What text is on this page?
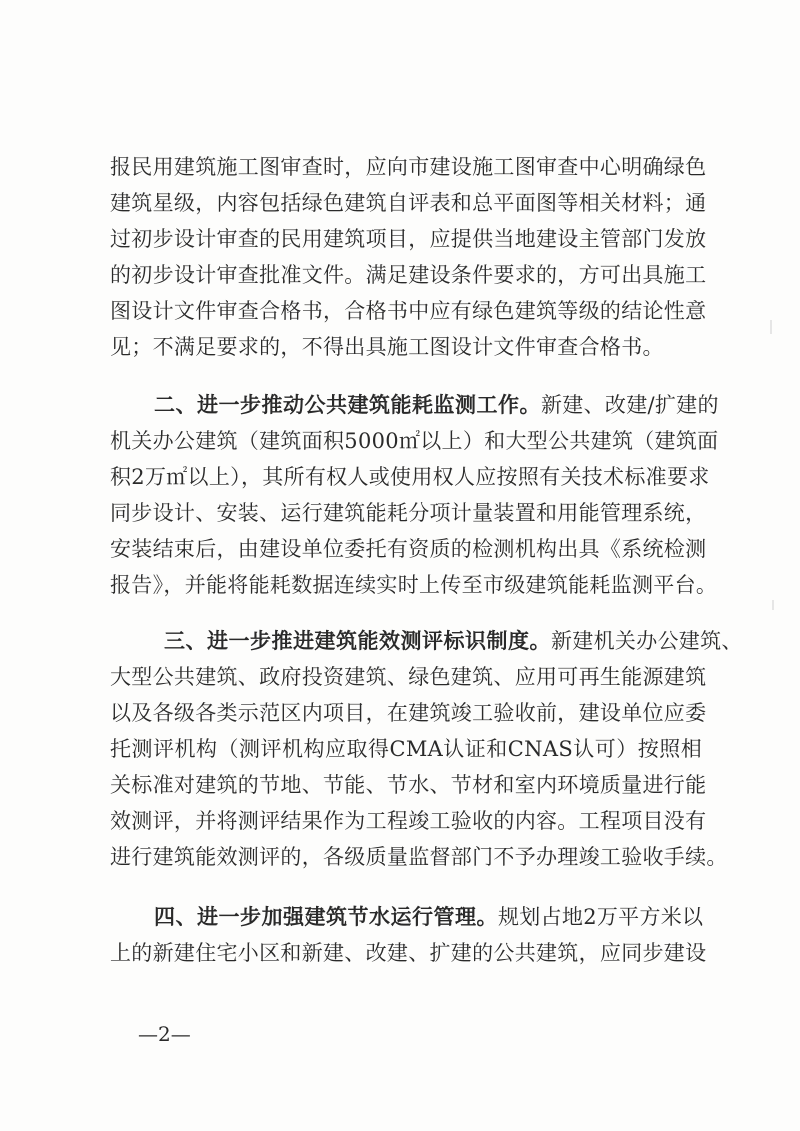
报民用建筑施工图审查时，应向市建设施工图审查中心明确绿色
建筑星级，内容包括绿色建筑自评表和总平面图等相关材料；通
过初步设计审查的民用建筑项目，应提供当地建设主管部门发放
的初步设计审查批准文件。满足建设条件要求的，方可出具施工
图设计文件审查合格书，合格书中应有绿色建筑等级的结论性意
见；不满足要求的，不得出具施工图设计文件审查合格书。
二、进一步推动公共建筑能耗监测工作。新建、改建/扩建的
机关办公建筑（建筑面积5000㎡以上）和大型公共建筑（建筑面
积2万㎡以上），其所有权人或使用权人应按照有关技术标准要求
同步设计、安装、运行建筑能耗分项计量装置和用能管理系统，
安装结束后，由建设单位委托有资质的检测机构出具《系统检测
报告》，并能将能耗数据连续实时上传至市级建筑能耗监测平台。
三、进一步推进建筑能效测评标识制度。新建机关办公建筑、
大型公共建筑、政府投资建筑、绿色建筑、应用可再生能源建筑
以及各级各类示范区内项目，在建筑竣工验收前，建设单位应委
托测评机构（测评机构应取得CMA认证和CNAS认可）按照相
关标准对建筑的节地、节能、节水、节材和室内环境质量进行能
效测评，并将测评结果作为工程竣工验收的内容。工程项目没有
进行建筑能效测评的，各级质量监督部门不予办理竣工验收手续。
四、进一步加强建筑节水运行管理。规划占地2万平方米以
上的新建住宅小区和新建、改建、扩建的公共建筑，应同步建设
—2—
